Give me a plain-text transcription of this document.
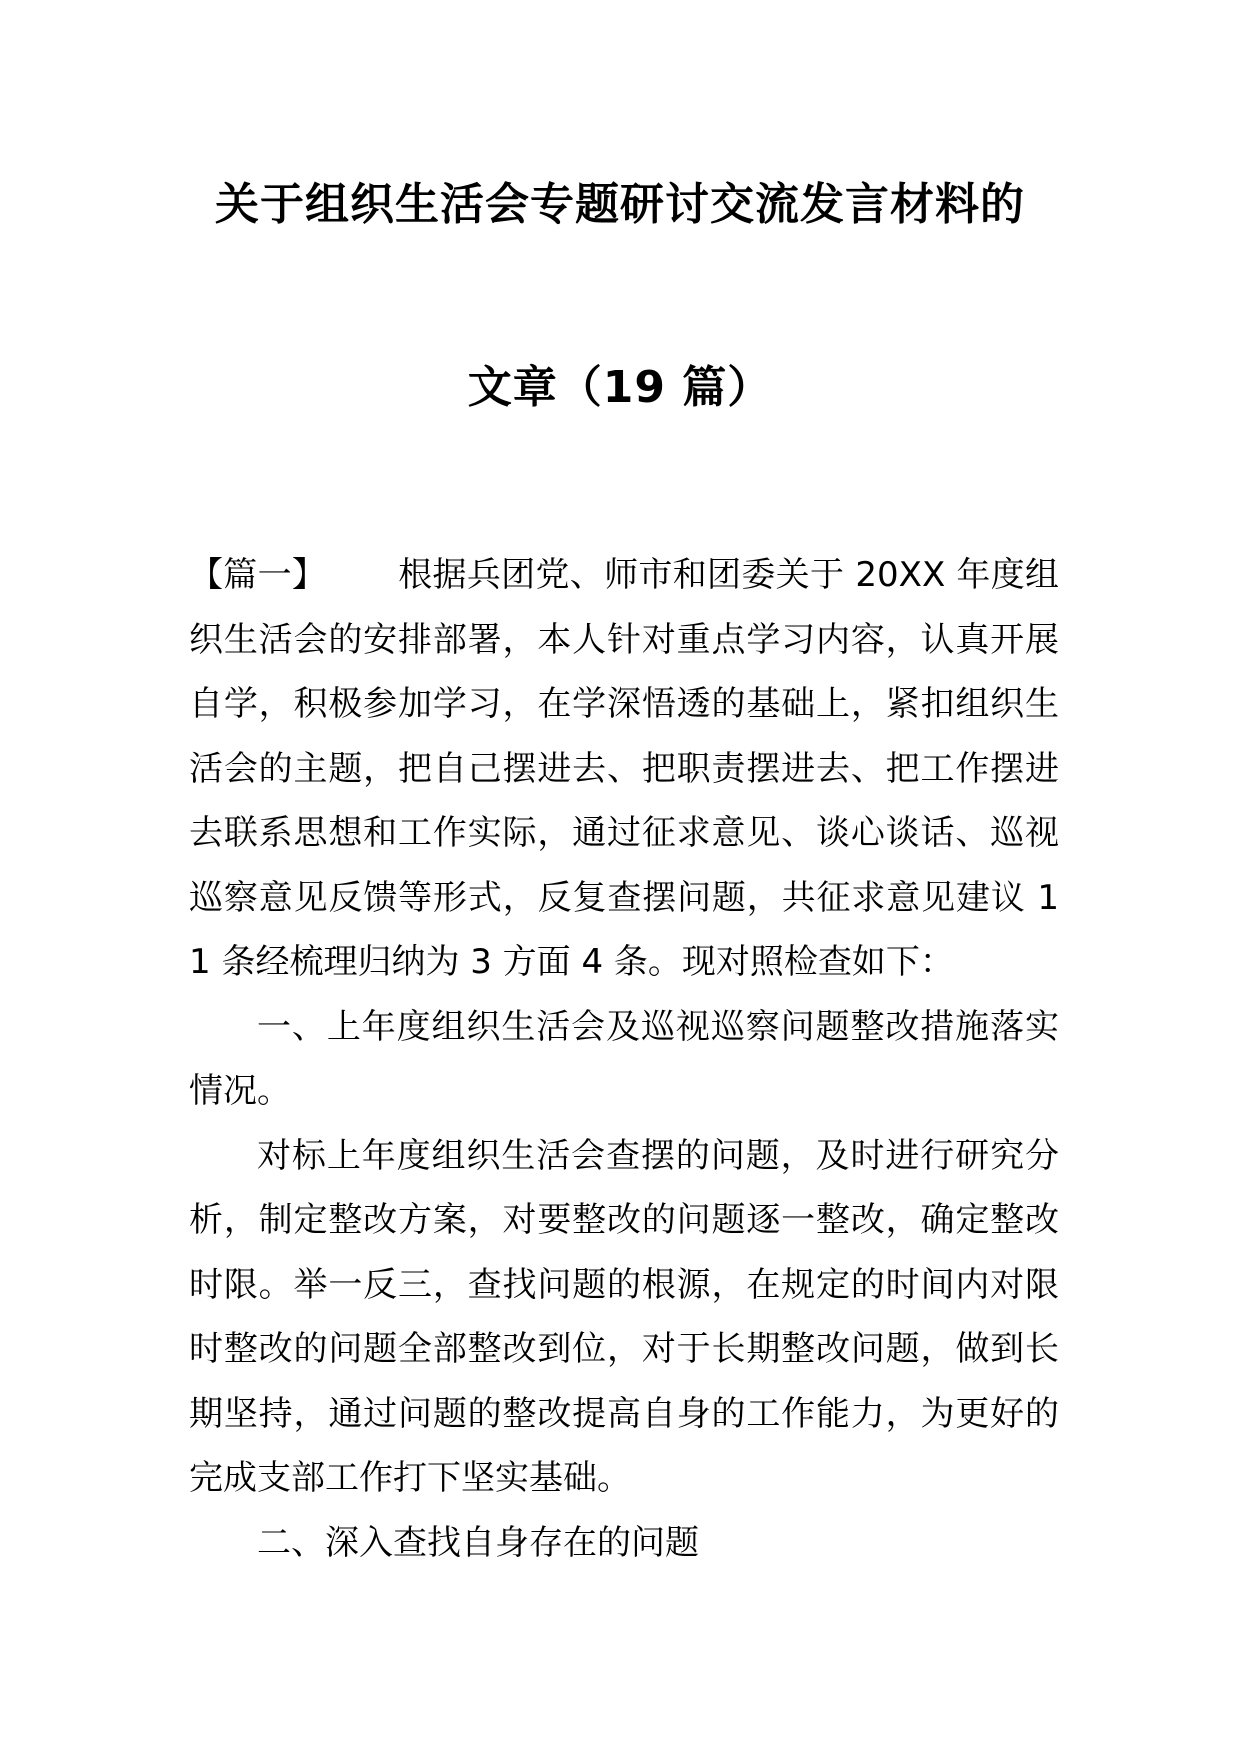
关于组织生活会专题研讨交流发言材料的
文章（19 篇）

【篇一】 根据兵团党、师市和团委关于 20XX 年度组织生活会的安排部署，本人针对重点学习内容，认真开展自学，积极参加学习，在学深悟透的基础上，紧扣组织生活会的主题，把自己摆进去、把职责摆进去、把工作摆进去联系思想和工作实际，通过征求意见、谈心谈话、巡视巡察意见反馈等形式，反复查摆问题，共征求意见建议 11 条经梳理归纳为 3 方面 4 条。现对照检查如下：

一、上年度组织生活会及巡视巡察问题整改措施落实情况。

对标上年度组织生活会查摆的问题，及时进行研究分析，制定整改方案，对要整改的问题逐一整改，确定整改时限。举一反三，查找问题的根源，在规定的时间内对限时整改的问题全部整改到位，对于长期整改问题，做到长期坚持，通过问题的整改提高自身的工作能力，为更好的完成支部工作打下坚实基础。

二、深入查找自身存在的问题
